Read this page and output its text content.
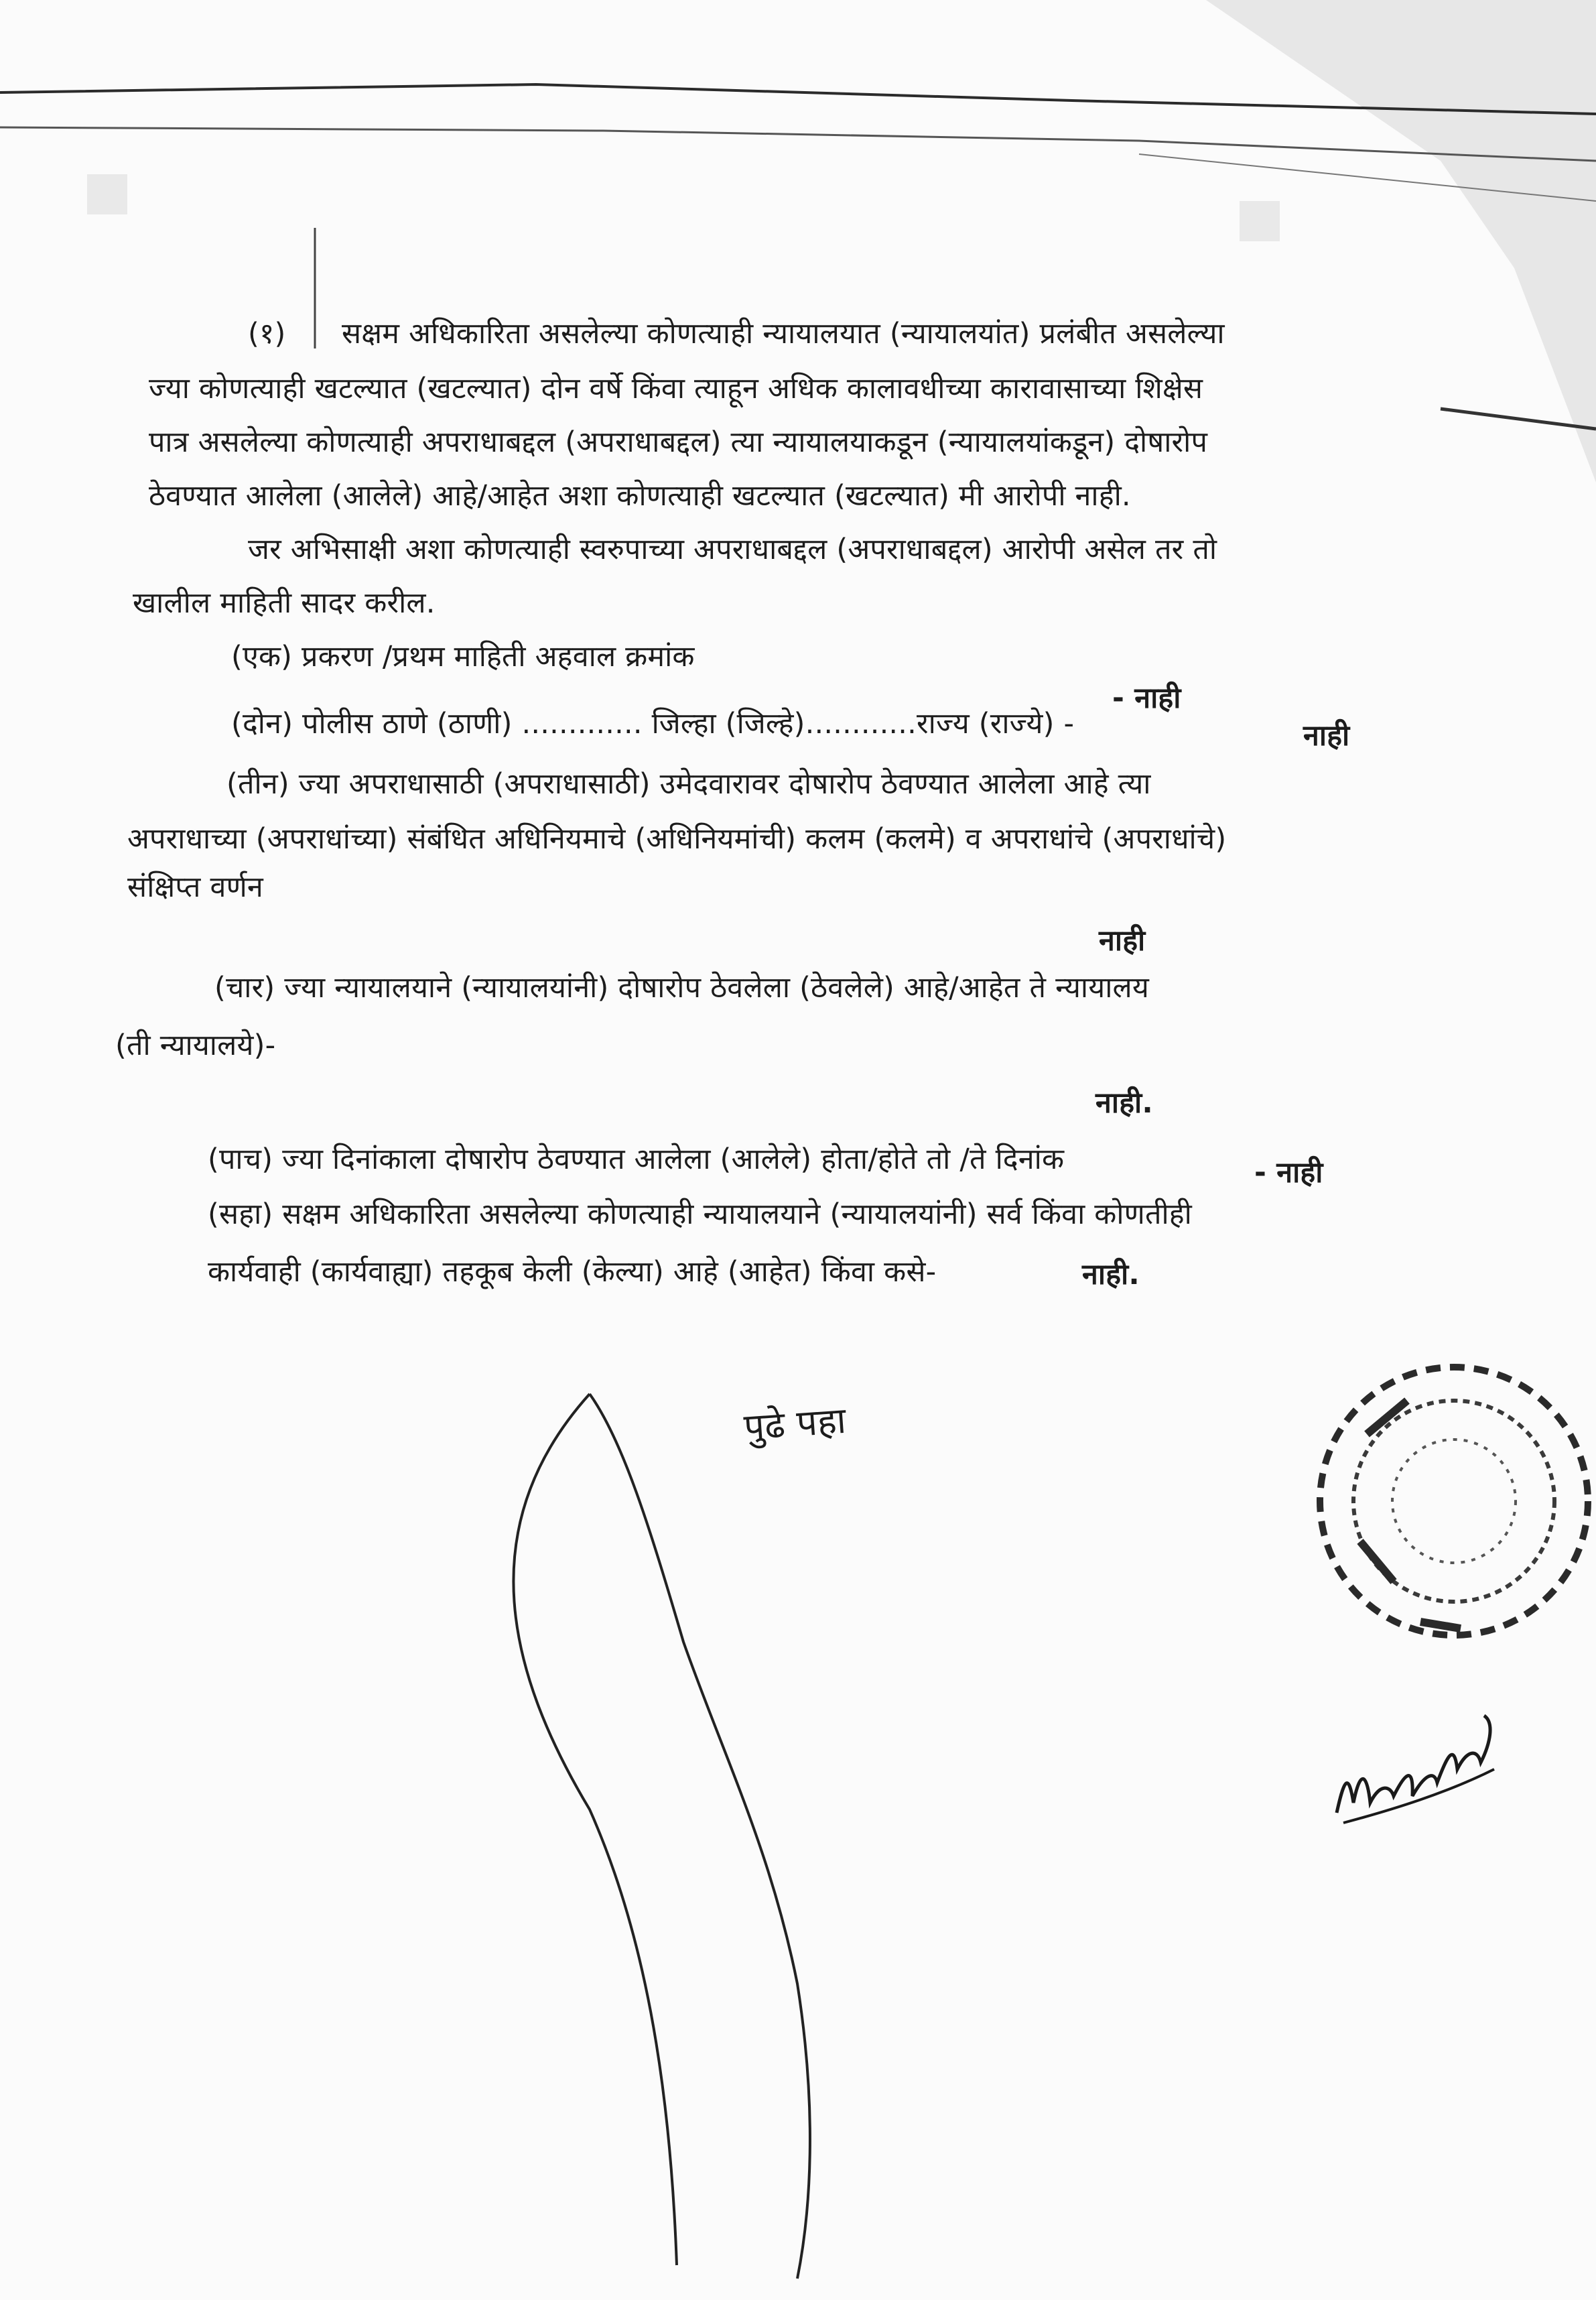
(१) सक्षम अधिकारिता असलेल्या कोणत्याही न्यायालयात (न्यायालयांत) प्रलंबीत असलेल्या
ज्या कोणत्याही खटल्यात (खटल्यात) दोन वर्षे किंवा त्याहून अधिक कालावधीच्या कारावासाच्या शिक्षेस
पात्र असलेल्या कोणत्याही अपराधाबद्दल (अपराधाबद्दल) त्या न्यायालयाकडून (न्यायालयांकडून) दोषारोप
ठेवण्यात आलेला (आलेले) आहे/आहेत अशा कोणत्याही खटल्यात (खटल्यात) मी आरोपी नाही.
जर अभिसाक्षी अशा कोणत्याही स्वरुपाच्या अपराधाबद्दल (अपराधाबद्दल) आरोपी असेल तर तो
खालील माहिती सादर करील.
(एक) प्रकरण /प्रथम माहिती अहवाल क्रमांक
- नाही
(दोन) पोलीस ठाणे (ठाणी) ............. जिल्हा (जिल्हे)............राज्य (राज्ये) -	नाही
(तीन) ज्या अपराधासाठी (अपराधासाठी) उमेदवारावर दोषारोप ठेवण्यात आलेला आहे त्या
अपराधाच्या (अपराधांच्या) संबंधित अधिनियमाचे (अधिनियमांची) कलम (कलमे) व अपराधांचे (अपराधांचे)
संक्षिप्त वर्णन
नाही
(चार) ज्या न्यायालयाने (न्यायालयांनी) दोषारोप ठेवलेला (ठेवलेले) आहे/आहेत ते न्यायालय
(ती न्यायालये)-
नाही.
(पाच) ज्या दिनांकाला दोषारोप ठेवण्यात आलेला (आलेले) होता/होते तो /ते दिनांक	- नाही
(सहा) सक्षम अधिकारिता असलेल्या कोणत्याही न्यायालयाने (न्यायालयांनी) सर्व किंवा कोणतीही
कार्यवाही (कार्यवाह्या) तहकूब केली (केल्या) आहे (आहेत) किंवा कसे-	नाही.
पुढे पहा
